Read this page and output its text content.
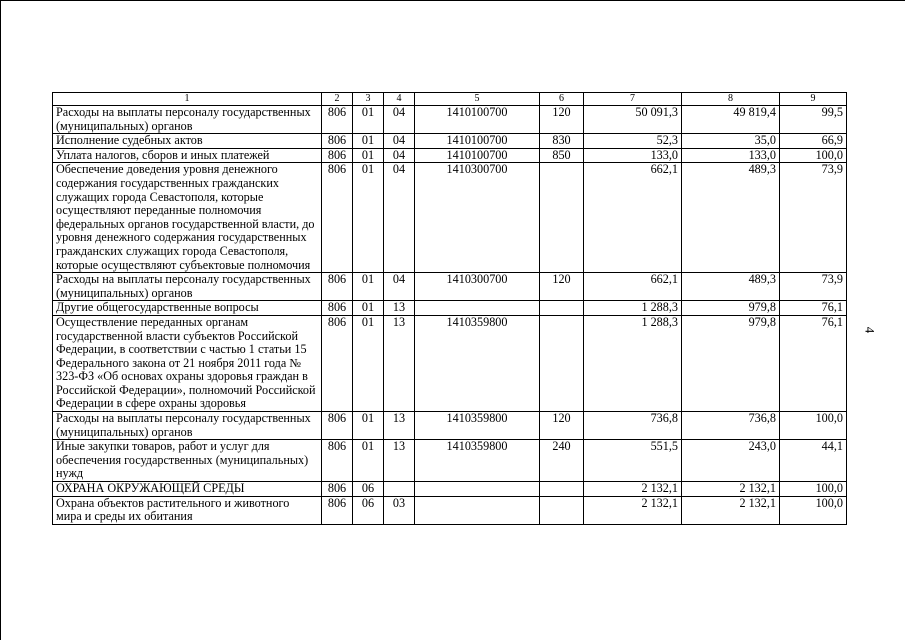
4
1	2	3	4	5	6	7	8	9
Расходы на выплаты персоналу государственных (муниципальных) органов	806	01	04	1410100700	120	50 091,3	49 819,4	99,5
Исполнение судебных актов	806	01	04	1410100700	830	52,3	35,0	66,9
Уплата налогов, сборов и иных платежей	806	01	04	1410100700	850	133,0	133,0	100,0
Обеспечение доведения уровня денежного содержания государственных гражданских служащих города Севастополя, которые осуществляют переданные полномочия федеральных органов государственной власти, до уровня денежного содержания государственных гражданских служащих города Севастополя, которые осуществляют субъектовые полномочия	806	01	04	1410300700		662,1	489,3	73,9
Расходы на выплаты персоналу государственных (муниципальных) органов	806	01	04	1410300700	120	662,1	489,3	73,9
Другие общегосударственные вопросы	806	01	13			1 288,3	979,8	76,1
Осуществление переданных органам государственной власти субъектов Российской Федерации, в соответствии с частью 1 статьи 15 Федерального закона от 21 ноября 2011 года № 323-ФЗ «Об основах охраны здоровья граждан в Российской Федерации», полномочий Российской Федерации в сфере охраны здоровья	806	01	13	1410359800		1 288,3	979,8	76,1
Расходы на выплаты персоналу государственных (муниципальных) органов	806	01	13	1410359800	120	736,8	736,8	100,0
Иные закупки товаров, работ и услуг для обеспечения государственных (муниципальных) нужд	806	01	13	1410359800	240	551,5	243,0	44,1
ОХРАНА ОКРУЖАЮЩЕЙ СРЕДЫ	806	06				2 132,1	2 132,1	100,0
Охрана объектов растительного и животного мира и среды их обитания	806	06	03			2 132,1	2 132,1	100,0
